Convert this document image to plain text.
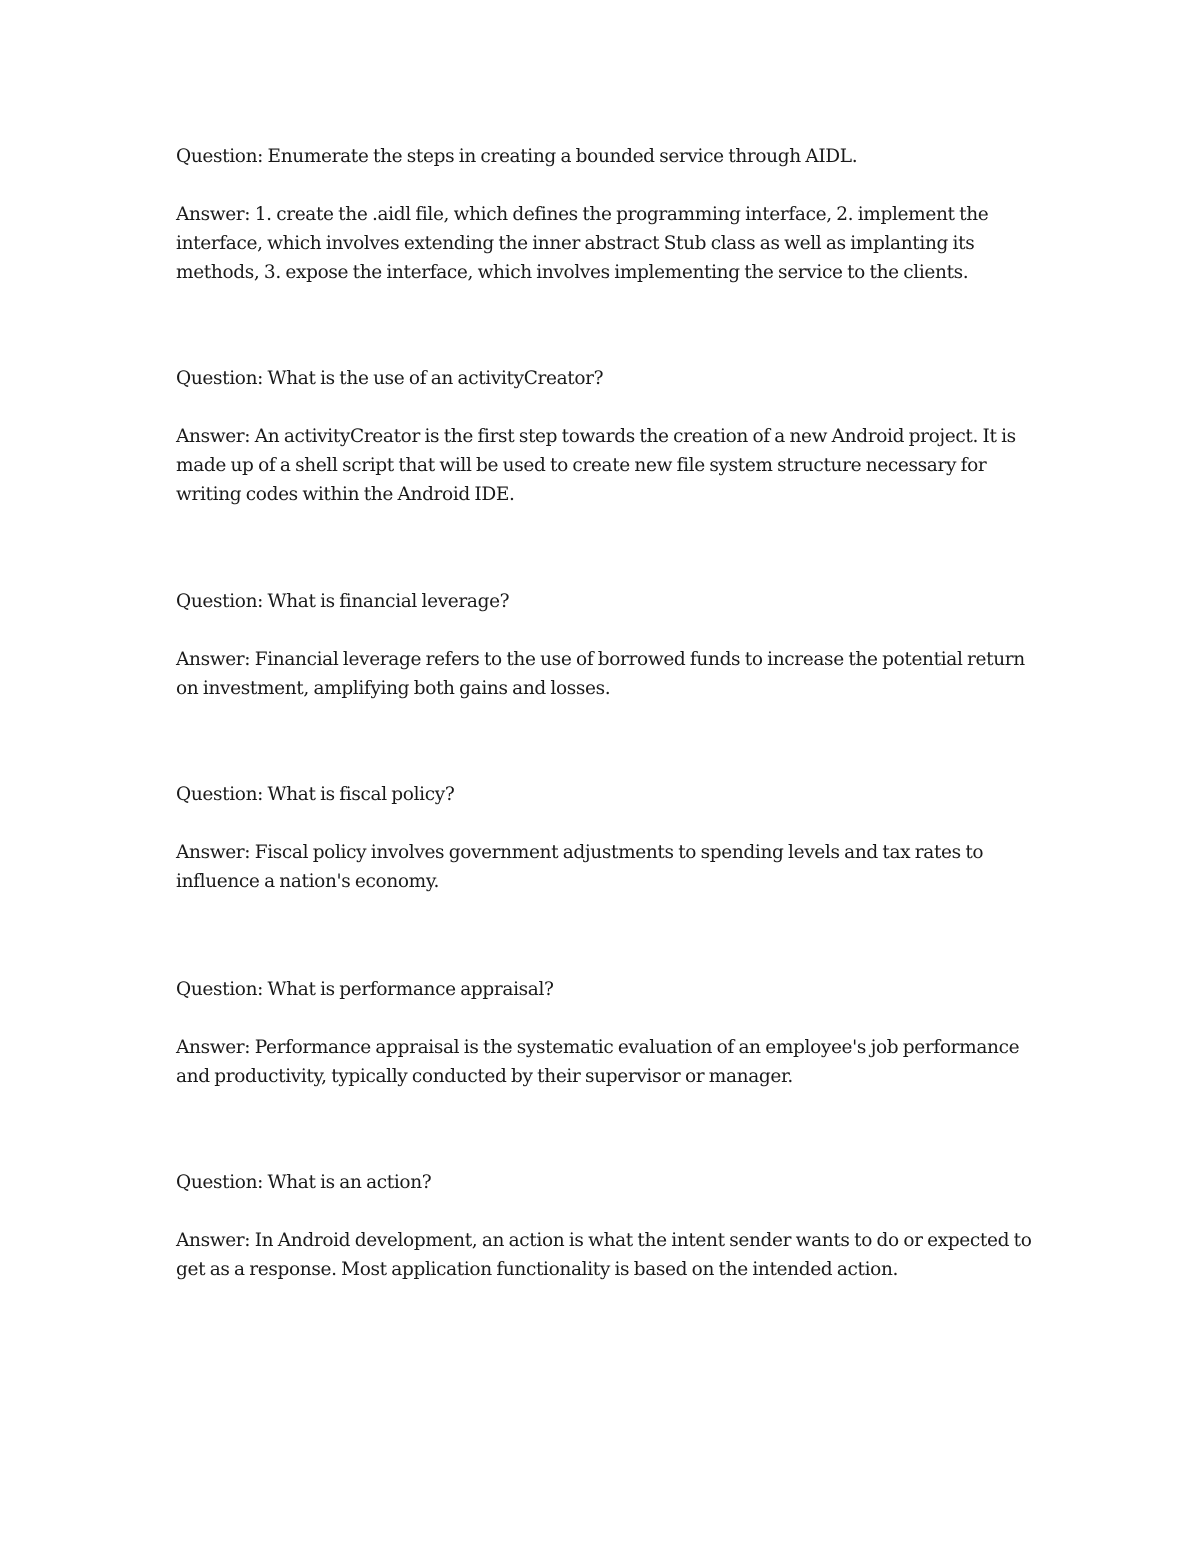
Question: Enumerate the steps in creating a bounded service through AIDL.

Answer: 1. create the .aidl file, which defines the programming interface, 2. implement the interface, which involves extending the inner abstract Stub class as well as implanting its methods, 3. expose the interface, which involves implementing the service to the clients.

Question: What is the use of an activityCreator?

Answer: An activityCreator is the first step towards the creation of a new Android project. It is made up of a shell script that will be used to create new file system structure necessary for writing codes within the Android IDE.

Question: What is financial leverage?

Answer: Financial leverage refers to the use of borrowed funds to increase the potential return on investment, amplifying both gains and losses.

Question: What is fiscal policy?

Answer: Fiscal policy involves government adjustments to spending levels and tax rates to influence a nation's economy.

Question: What is performance appraisal?

Answer: Performance appraisal is the systematic evaluation of an employee's job performance and productivity, typically conducted by their supervisor or manager.

Question: What is an action?

Answer: In Android development, an action is what the intent sender wants to do or expected to get as a response. Most application functionality is based on the intended action.
